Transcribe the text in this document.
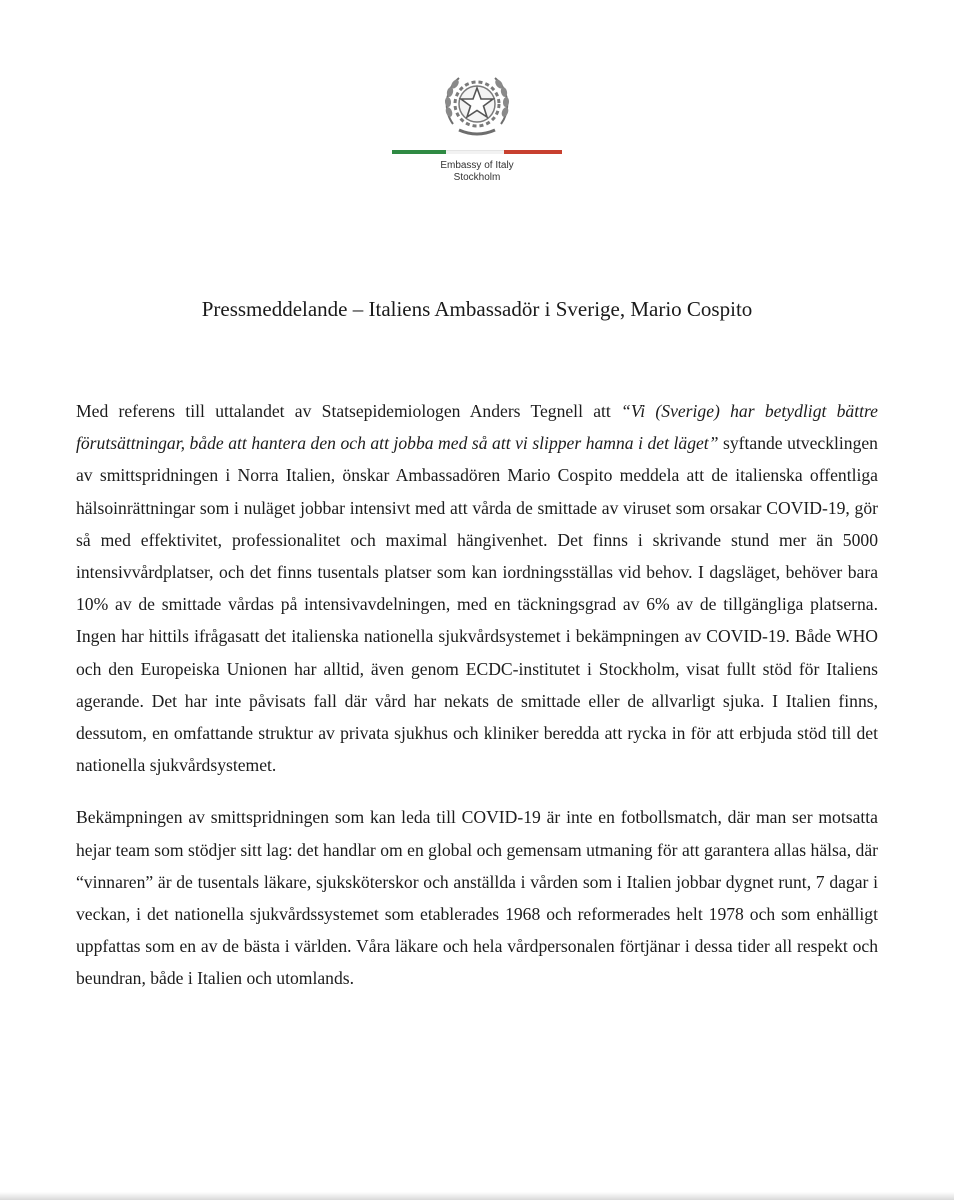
Embassy of Italy
Stockholm
Pressmeddelande – Italiens Ambassadör i Sverige, Mario Cospito

Med referens till uttalandet av Statsepidemiologen Anders Tegnell att “Vi (Sverige) har betydligt bättre förutsättningar, både att hantera den och att jobba med så att vi slipper hamna i det läget” syftande utvecklingen av smittspridningen i Norra Italien, önskar Ambassadören Mario Cospito meddela att de italienska offentliga hälsoinrättningar som i nuläget jobbar intensivt med att vårda de smittade av viruset som orsakar COVID-19, gör så med effektivitet, professionalitet och maximal hängivenhet. Det finns i skrivande stund mer än 5000 intensivvårdplatser, och det finns tusentals platser som kan iordningsställas vid behov. I dagsläget, behöver bara 10% av de smittade vårdas på intensivavdelningen, med en täckningsgrad av 6% av de tillgängliga platserna. Ingen har hittils ifrågasatt det italienska nationella sjukvårdsystemet i bekämpningen av COVID-19. Både WHO och den Europeiska Unionen har alltid, även genom ECDC-institutet i Stockholm, visat fullt stöd för Italiens agerande. Det har inte påvisats fall där vård har nekats de smittade eller de allvarligt sjuka. I Italien finns, dessutom, en omfattande struktur av privata sjukhus och kliniker beredda att rycka in för att erbjuda stöd till det nationella sjukvårdsystemet.

Bekämpningen av smittspridningen som kan leda till COVID-19 är inte en fotbollsmatch, där man ser motsatta hejar team som stödjer sitt lag: det handlar om en global och gemensam utmaning för att garantera allas hälsa, där “vinnaren” är de tusentals läkare, sjuksköterskor och anställda i vården som i Italien jobbar dygnet runt, 7 dagar i veckan, i det nationella sjukvårdssystemet som etablerades 1968 och reformerades helt 1978 och som enhälligt uppfattas som en av de bästa i världen. Våra läkare och hela vårdpersonalen förtjänar i dessa tider all respekt och beundran, både i Italien och utomlands.
